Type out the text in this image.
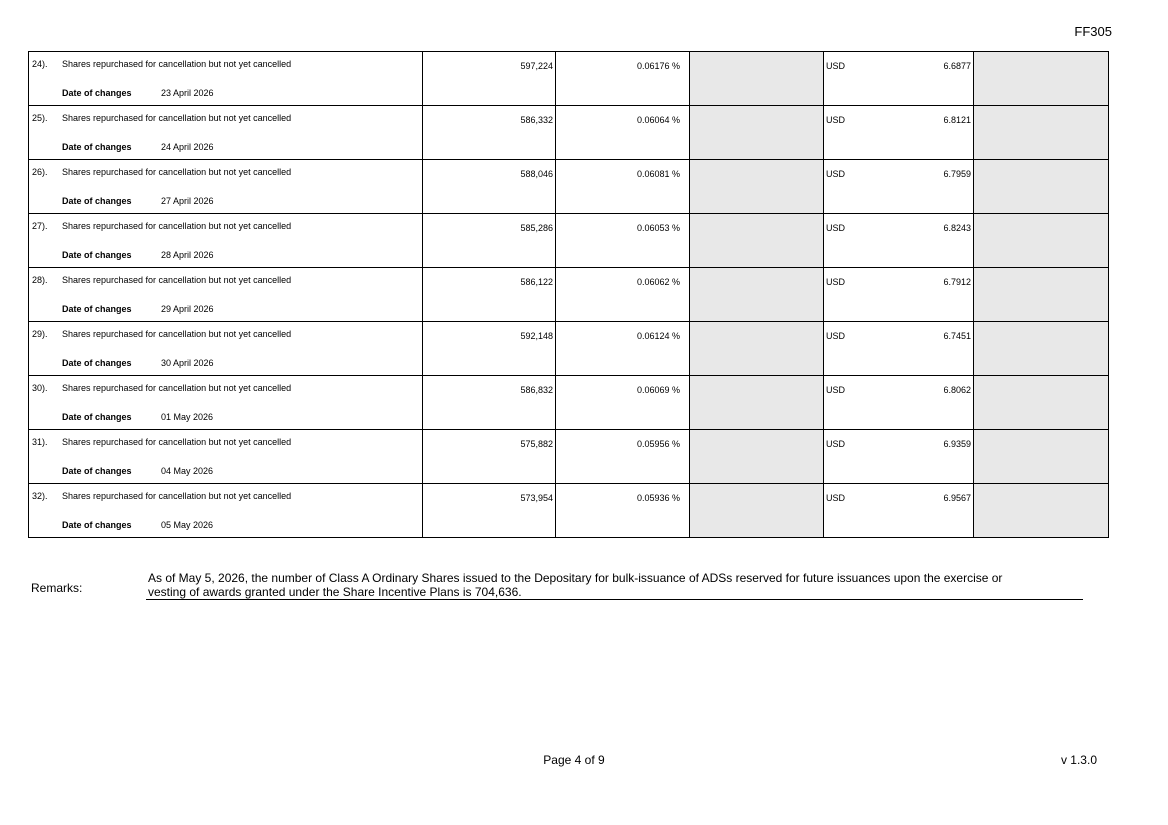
FF305
24). Shares repurchased for cancellation but not yet cancelled
Date of changes 23 April 2026	597,224	0.06176 %		USD 6.6877	

25). Shares repurchased for cancellation but not yet cancelled
Date of changes 24 April 2026	586,332	0.06064 %		USD 6.8121	

26). Shares repurchased for cancellation but not yet cancelled
Date of changes 27 April 2026	588,046	0.06081 %		USD 6.7959	

27). Shares repurchased for cancellation but not yet cancelled
Date of changes 28 April 2026	585,286	0.06053 %		USD 6.8243	

28). Shares repurchased for cancellation but not yet cancelled
Date of changes 29 April 2026	586,122	0.06062 %		USD 6.7912	

29). Shares repurchased for cancellation but not yet cancelled
Date of changes 30 April 2026	592,148	0.06124 %		USD 6.7451	

30). Shares repurchased for cancellation but not yet cancelled
Date of changes 01 May 2026	586,832	0.06069 %		USD 6.8062	

31). Shares repurchased for cancellation but not yet cancelled
Date of changes 04 May 2026	575,882	0.05956 %		USD 6.9359	

32). Shares repurchased for cancellation but not yet cancelled
Date of changes 05 May 2026	573,954	0.05936 %		USD 6.9567	

Remarks:
As of May 5, 2026, the number of Class A Ordinary Shares issued to the Depositary for bulk-issuance of ADSs reserved for future issuances upon the exercise or
vesting of awards granted under the Share Incentive Plans is 704,636.
Page 4 of 9	v 1.3.0
